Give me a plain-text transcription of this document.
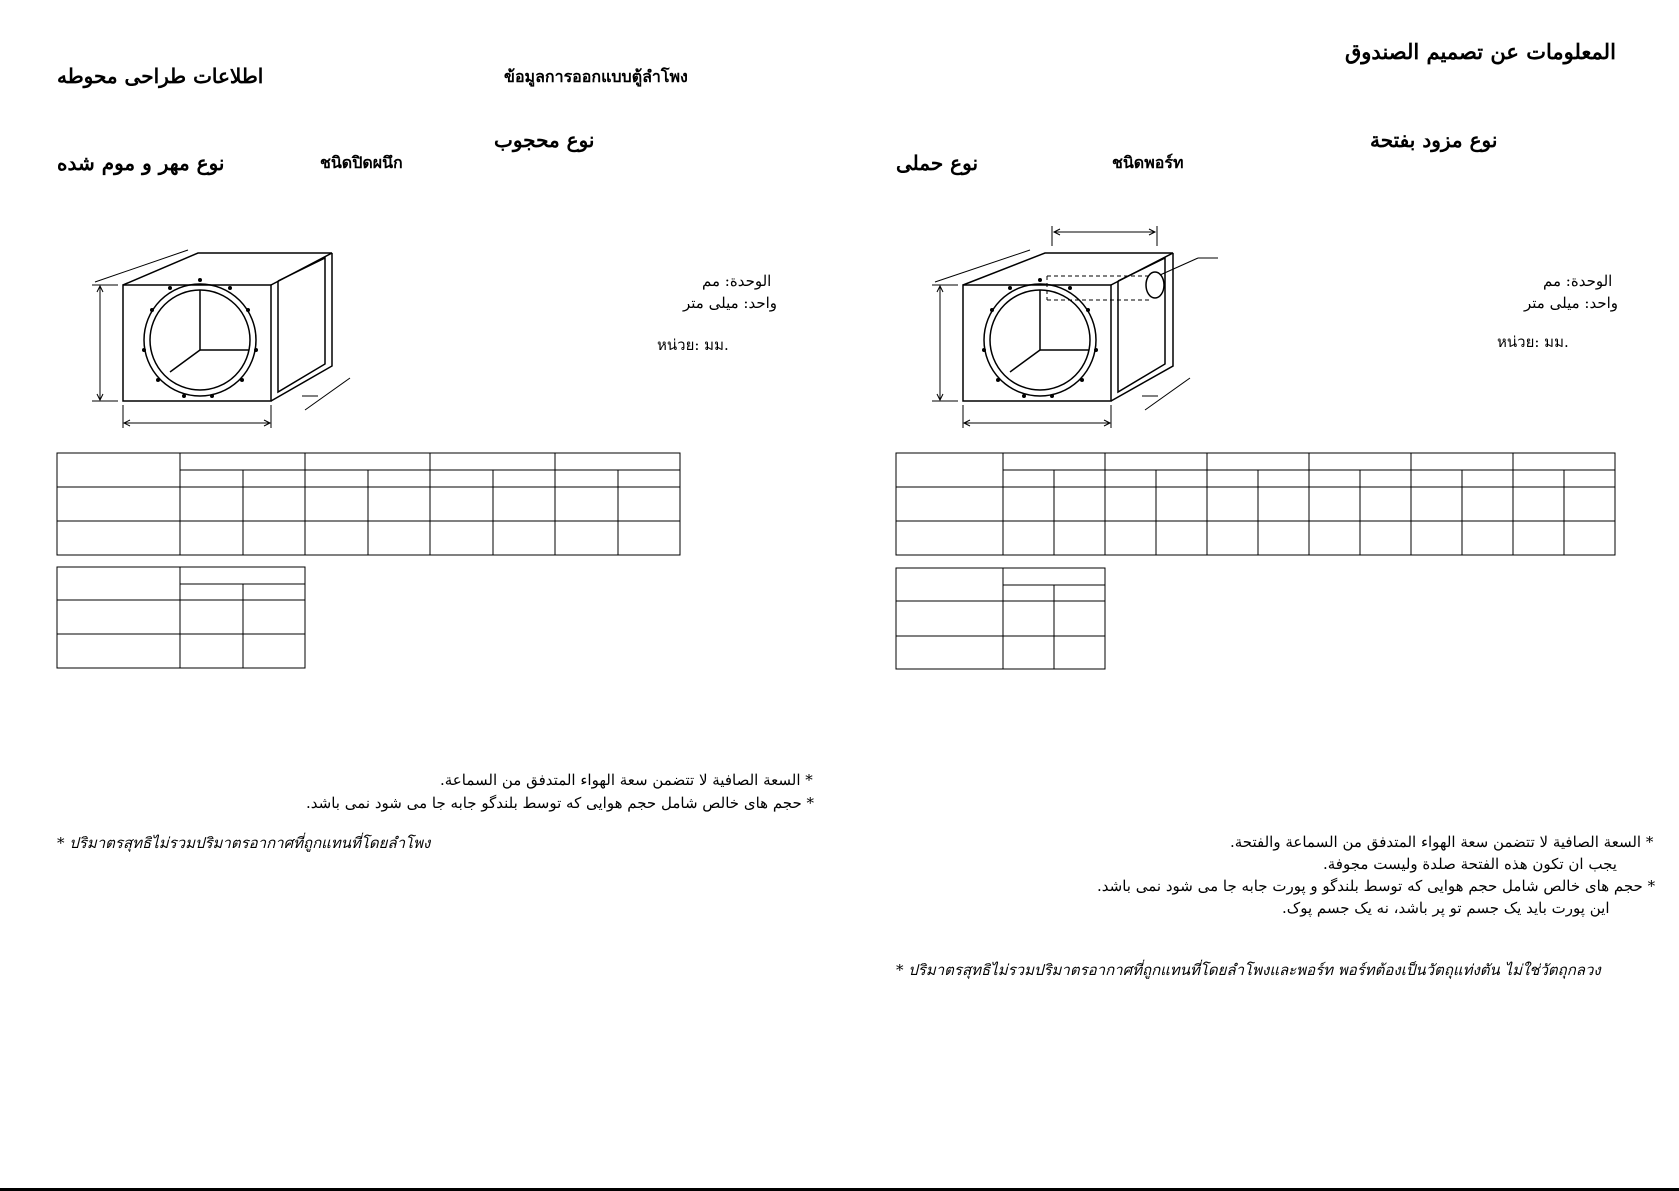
المعلومات عن تصميم الصندوق
اطلاعات طراحی محوطه	ข้อมูลการออกแบบตู้ลำโพง
نوع محجوب
نوع مهر و موم شده	ชนิดปิดผนึก
نوع مزود بفتحة
نوع حملی	ชนิดพอร์ท
الوحدة: مم
واحد: میلی متر
หน่วย: มม.
الوحدة: مم
واحد: میلی متر
หน่วย: มม.
* السعة الصافية لا تتضمن سعة الهواء المتدفق من السماعة.
* حجم های خالص شامل حجم هوایی که توسط بلندگو جابه جا می شود نمی باشد.
* ปริมาตรสุทธิไม่รวมปริมาตรอากาศที่ถูกแทนที่โดยลำโพง	* السعة الصافية لا تتضمن سعة الهواء المتدفق من السماعة والفتحة.
يجب ان تكون هذه الفتحة صلدة وليست مجوفة.
* حجم های خالص شامل حجم هوایی که توسط بلندگو و پورت جابه جا می شود نمی باشد.
این پورت باید یک جسم تو پر باشد، نه یک جسم پوک.
* ปริมาตรสุทธิไม่รวมปริมาตรอากาศที่ถูกแทนที่โดยลำโพงและพอร์ท พอร์ทต้องเป็นวัตถุแท่งตัน ไม่ใช่วัตถุกลวง
